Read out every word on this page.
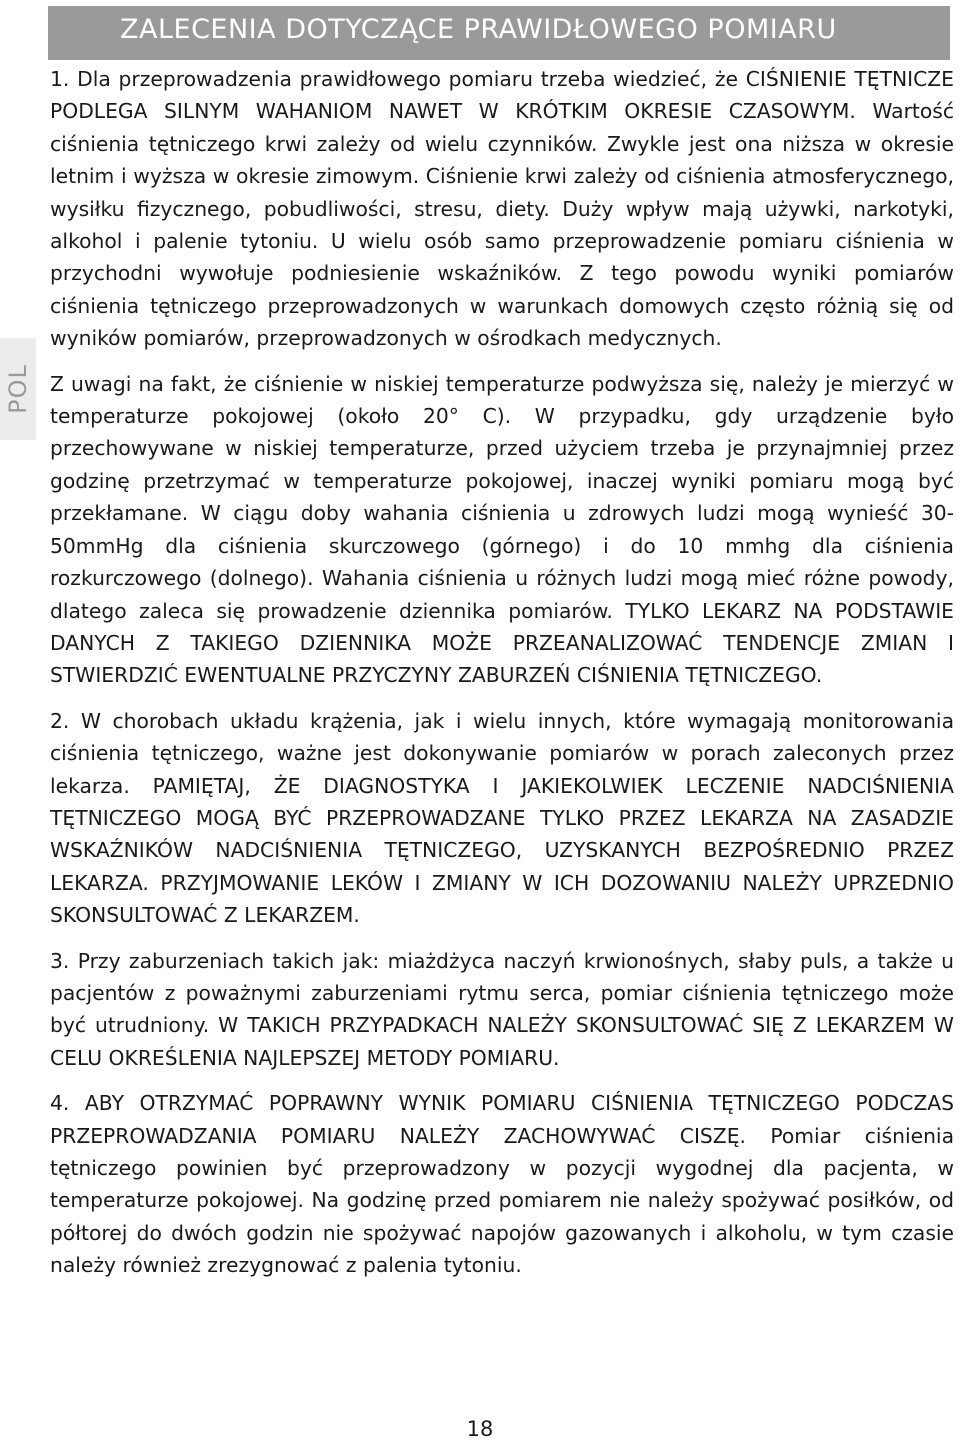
ZALECENIA DOTYCZĄCE PRAWIDŁOWEGO POMIARU
POL

1. Dla przeprowadzenia prawidłowego pomiaru trzeba wiedzieć, że CIŚNIENIE TĘTNICZE PODLEGA SILNYM WAHANIOM NAWET W KRÓTKIM OKRESIE CZASOWYM. Wartość ciśnienia tętniczego krwi zależy od wielu czynników. Zwykle jest ona niższa w okresie letnim i wyższa w okresie zimowym. Ciśnienie krwi zależy od ciśnienia atmosferycznego, wysiłku fizycznego, pobudliwości, stresu, diety. Duży wpływ mają używki, narkotyki, alkohol i palenie tytoniu. U wielu osób samo przeprowadzenie pomiaru ciśnienia w przychodni wywołuje podniesienie wskaźników. Z tego powodu wyniki pomiarów ciśnienia tętniczego przeprowadzonych w warunkach domowych często różnią się od wyników pomiarów, przeprowadzonych w ośrodkach medycznych.

Z uwagi na fakt, że ciśnienie w niskiej temperaturze podwyższa się, należy je mierzyć w temperaturze pokojowej (około 20° C). W przypadku, gdy urządzenie było przechowywane w niskiej temperaturze, przed użyciem trzeba je przynajmniej przez godzinę przetrzymać w temperaturze pokojowej, inaczej wyniki pomiaru mogą być przekłamane. W ciągu doby wahania ciśnienia u zdrowych ludzi mogą wynieść 30-50mmHg dla ciśnienia skurczowego (górnego) i do 10 mmhg dla ciśnienia rozkurczowego (dolnego). Wahania ciśnienia u różnych ludzi mogą mieć różne powody, dlatego zaleca się prowadzenie dziennika pomiarów. TYLKO LEKARZ NA PODSTAWIE DANYCH Z TAKIEGO DZIENNIKA MOŻE PRZEANALIZOWAĆ TENDENCJE ZMIAN I STWIERDZIĆ EWENTUALNE PRZYCZYNY ZABURZEŃ CIŚNIENIA TĘTNICZEGO.

2. W chorobach układu krążenia, jak i wielu innych, które wymagają monitorowania ciśnienia tętniczego, ważne jest dokonywanie pomiarów w porach zaleconych przez lekarza. PAMIĘTAJ, ŻE DIAGNOSTYKA I JAKIEKOLWIEK LECZENIE NADCIŚNIENIA TĘTNICZEGO MOGĄ BYĆ PRZEPROWADZANE TYLKO PRZEZ LEKARZA NA ZASADZIE WSKAŹNIKÓW NADCIŚNIENIA TĘTNICZEGO, UZYSKANYCH BEZPOŚREDNIO PRZEZ LEKARZA. PRZYJMOWANIE LEKÓW I ZMIANY W ICH DOZOWANIU NALEŻY UPRZEDNIO SKONSULTOWAĆ Z LEKARZEM.

3. Przy zaburzeniach takich jak: miażdżyca naczyń krwionośnych, słaby puls, a także u pacjentów z poważnymi zaburzeniami rytmu serca, pomiar ciśnienia tętniczego może być utrudniony. W TAKICH PRZYPADKACH NALEŻY SKONSULTOWAĆ SIĘ Z LEKARZEM W CELU OKREŚLENIA NAJLEPSZEJ METODY POMIARU.

4. ABY OTRZYMAĆ POPRAWNY WYNIK POMIARU CIŚNIENIA TĘTNICZEGO PODCZAS PRZEPROWADZANIA POMIARU NALEŻY ZACHOWYWAĆ CISZĘ. Pomiar ciśnienia tętniczego powinien być przeprowadzony w pozycji wygodnej dla pacjenta, w temperaturze pokojowej. Na godzinę przed pomiarem nie należy spożywać posiłków, od półtorej do dwóch godzin nie spożywać napojów gazowanych i alkoholu, w tym czasie należy również zrezygnować z palenia tytoniu.

18
